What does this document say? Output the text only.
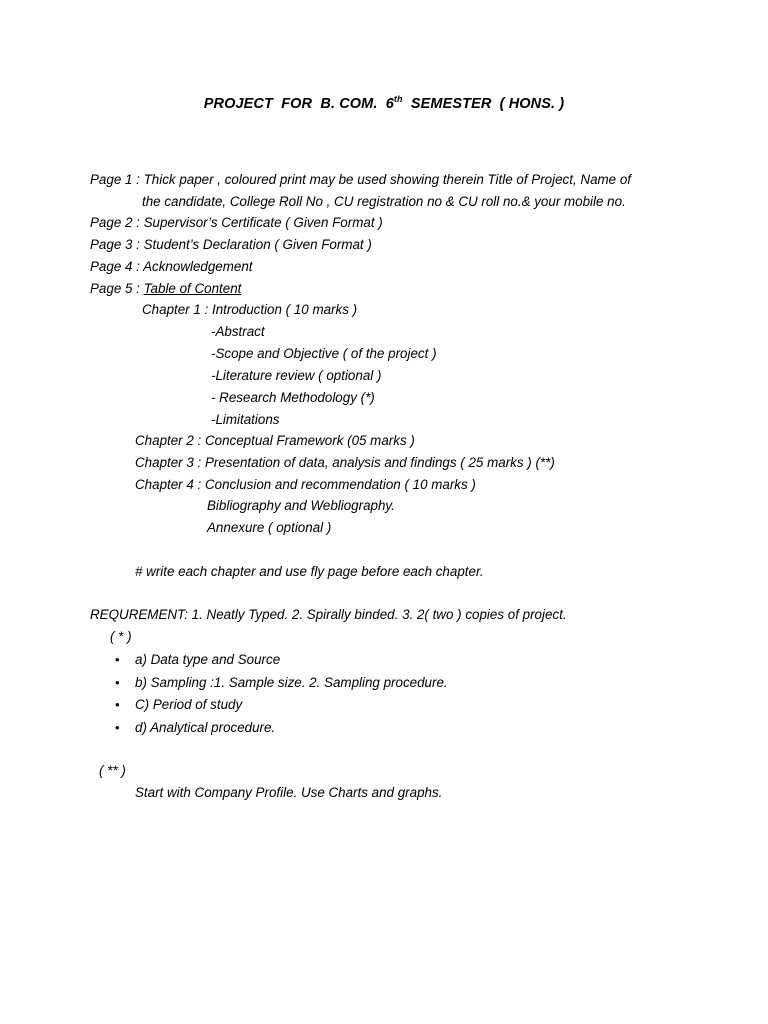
PROJECT  FOR  B. COM.  6th  SEMESTER  ( HONS. )
Page 1 : Thick paper , coloured print may be used showing therein Title of Project, Name of
the candidate, College Roll No , CU registration no & CU roll no.& your mobile no.
Page 2 : Supervisor’s Certificate ( Given Format )
Page 3 : Student’s Declaration ( Given Format )
Page 4 : Acknowledgement
Page 5 : Table of Content
Chapter 1 : Introduction ( 10 marks )
-Abstract
-Scope and Objective ( of the project )
-Literature review ( optional )
- Research Methodology (*)
-Limitations
Chapter 2 : Conceptual Framework (05 marks )
Chapter 3 : Presentation of data, analysis and findings ( 25 marks ) (**)
Chapter 4 : Conclusion and recommendation ( 10 marks )
Bibliography and Webliography.
Annexure ( optional )
# write each chapter and use fly page before each chapter.
REQUREMENT: 1. Neatly Typed. 2. Spirally binded. 3. 2( two ) copies of project.
( * )
• a) Data type and Source
• b) Sampling :1. Sample size. 2. Sampling procedure.
• C) Period of study
• d) Analytical procedure.
( ** )
Start with Company Profile. Use Charts and graphs.
